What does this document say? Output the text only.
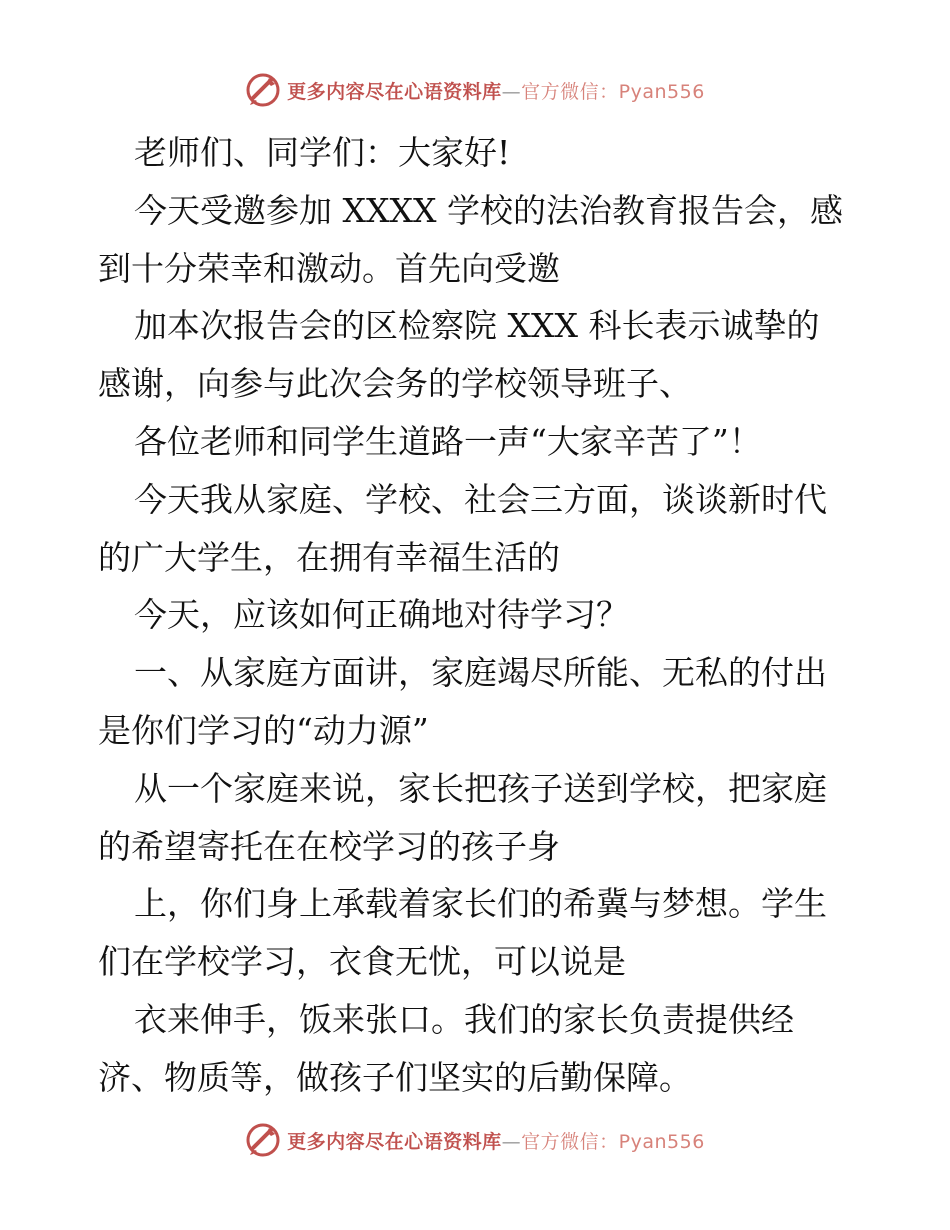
更多内容尽在心语资料库—官方微信：Pyan556

老师们、同学们：大家好!

今天受邀参加 XXXX 学校的法治教育报告会，感

到十分荣幸和激动。首先向受邀

加本次报告会的区检察院 XXX 科长表示诚挚的

感谢，向参与此次会务的学校领导班子、

各位老师和同学生道路一声“大家辛苦了”！

今天我从家庭、学校、社会三方面，谈谈新时代

的广大学生，在拥有幸福生活的

今天，应该如何正确地对待学习？

一、从家庭方面讲，家庭竭尽所能、无私的付出

是你们学习的“动力源”

从一个家庭来说，家长把孩子送到学校，把家庭

的希望寄托在在校学习的孩子身

上，你们身上承载着家长们的希冀与梦想。学生

们在学校学习，衣食无忧，可以说是

衣来伸手，饭来张口。我们的家长负责提供经

济、物质等，做孩子们坚实的后勤保障。

更多内容尽在心语资料库—官方微信：Pyan556
